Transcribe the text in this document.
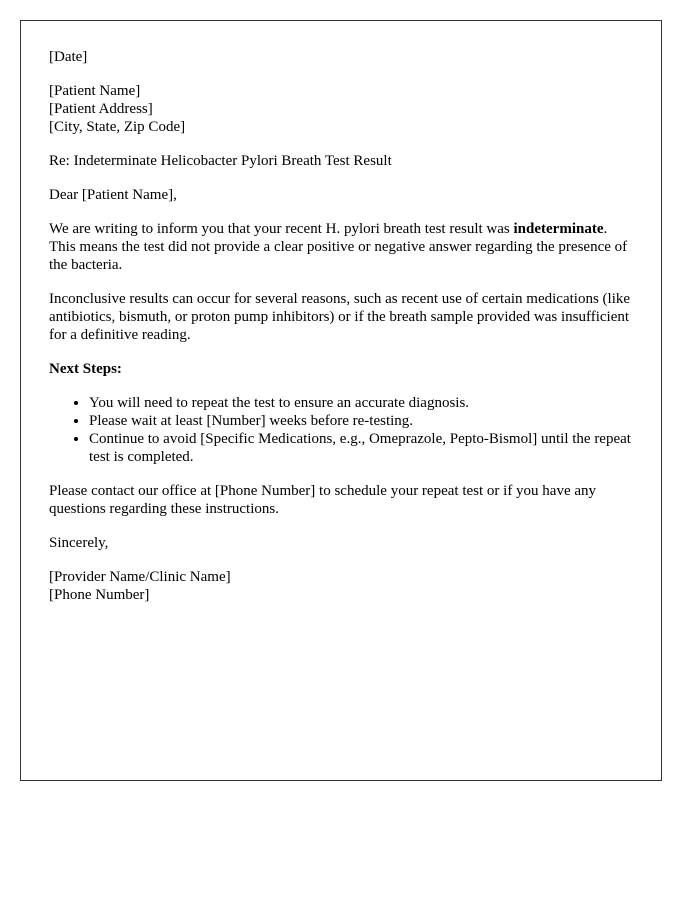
[Date]

[Patient Name]
[Patient Address]
[City, State, Zip Code]

Re: Indeterminate Helicobacter Pylori Breath Test Result

Dear [Patient Name],

We are writing to inform you that your recent H. pylori breath test result was indeterminate. This means the test did not provide a clear positive or negative answer regarding the presence of the bacteria.

Inconclusive results can occur for several reasons, such as recent use of certain medications (like antibiotics, bismuth, or proton pump inhibitors) or if the breath sample provided was insufficient for a definitive reading.

Next Steps:

• You will need to repeat the test to ensure an accurate diagnosis.
• Please wait at least [Number] weeks before re-testing.
• Continue to avoid [Specific Medications, e.g., Omeprazole, Pepto-Bismol] until the repeat test is completed.

Please contact our office at [Phone Number] to schedule your repeat test or if you have any questions regarding these instructions.

Sincerely,

[Provider Name/Clinic Name]
[Phone Number]
